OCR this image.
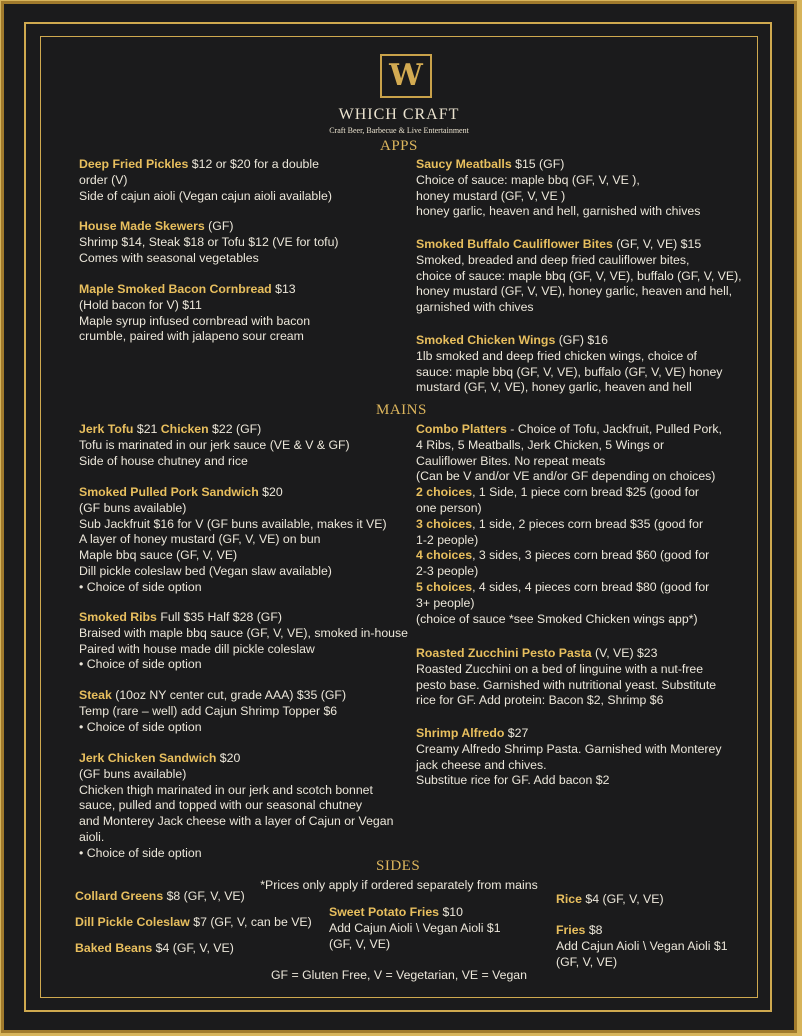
W
WHICH CRAFT
Craft Beer, Barbecue & Live Entertainment
APPS
MAINS
SIDES
Deep Fried Pickles $12 or $20 for a double
order (V)
Side of cajun aioli (Vegan cajun aioli available)
House Made Skewers (GF)
Shrimp $14, Steak $18 or Tofu $12 (VE for tofu)
Comes with seasonal vegetables
Maple Smoked Bacon Cornbread $13
(Hold bacon for V) $11
Maple syrup infused cornbread with bacon
crumble, paired with jalapeno sour cream
Saucy Meatballs $15 (GF)
Choice of sauce: maple bbq (GF, V, VE ),
honey mustard (GF, V, VE )
honey garlic, heaven and hell, garnished with chives
Smoked Buffalo Cauliflower Bites (GF, V, VE) $15
Smoked, breaded and deep fried cauliflower bites,
choice of sauce: maple bbq (GF, V, VE), buffalo (GF, V, VE),
honey mustard (GF, V, VE), honey garlic, heaven and hell,
garnished with chives
Smoked Chicken Wings (GF) $16
1lb smoked and deep fried chicken wings, choice of
sauce: maple bbq (GF, V, VE), buffalo (GF, V, VE) honey
mustard (GF, V, VE), honey garlic, heaven and hell
Jerk Tofu $21 Chicken $22 (GF)
Tofu is marinated in our jerk sauce (VE & V & GF)
Side of house chutney and rice
Smoked Pulled Pork Sandwich $20
(GF buns available)
Sub Jackfruit $16 for V (GF buns available, makes it VE)
A layer of honey mustard (GF, V, VE) on bun
Maple bbq sauce (GF, V, VE)
Dill pickle coleslaw bed (Vegan slaw available)
• Choice of side option
Smoked Ribs Full $35 Half $28 (GF)
Braised with maple bbq sauce (GF, V, VE), smoked in-house
Paired with house made dill pickle coleslaw
• Choice of side option
Steak (10oz NY center cut, grade AAA) $35 (GF)
Temp (rare – well) add Cajun Shrimp Topper $6
• Choice of side option
Jerk Chicken Sandwich $20
(GF buns available)
Chicken thigh marinated in our jerk and scotch bonnet
sauce, pulled and topped with our seasonal chutney
and Monterey Jack cheese with a layer of Cajun or Vegan
aioli.
• Choice of side option
Combo Platters - Choice of Tofu, Jackfruit, Pulled Pork,
4 Ribs, 5 Meatballs, Jerk Chicken, 5 Wings or
Cauliflower Bites. No repeat meats
(Can be V and/or VE and/or GF depending on choices)
2 choices, 1 Side, 1 piece corn bread $25 (good for
one person)
3 choices, 1 side, 2 pieces corn bread $35 (good for
1-2 people)
4 choices, 3 sides, 3 pieces corn bread $60 (good for
2-3 people)
5 choices, 4 sides, 4 pieces corn bread $80 (good for
3+ people)
(choice of sauce *see Smoked Chicken wings app*)
Roasted Zucchini Pesto Pasta (V, VE) $23
Roasted Zucchini on a bed of linguine with a nut-free
pesto base. Garnished with nutritional yeast. Substitute
rice for GF. Add protein: Bacon $2, Shrimp $6
Shrimp Alfredo $27
Creamy Alfredo Shrimp Pasta. Garnished with Monterey
jack cheese and chives.
Substitue rice for GF. Add bacon $2
*Prices only apply if ordered separately from mains
Collard Greens $8 (GF, V, VE)
Dill Pickle Coleslaw $7 (GF, V, can be VE)
Baked Beans $4 (GF, V, VE)
Sweet Potato Fries $10
Add Cajun Aioli \ Vegan Aioli $1
(GF, V, VE)
Rice $4 (GF, V, VE)
Fries $8
Add Cajun Aioli \ Vegan Aioli $1
(GF, V, VE)
GF = Gluten Free, V = Vegetarian, VE = Vegan
